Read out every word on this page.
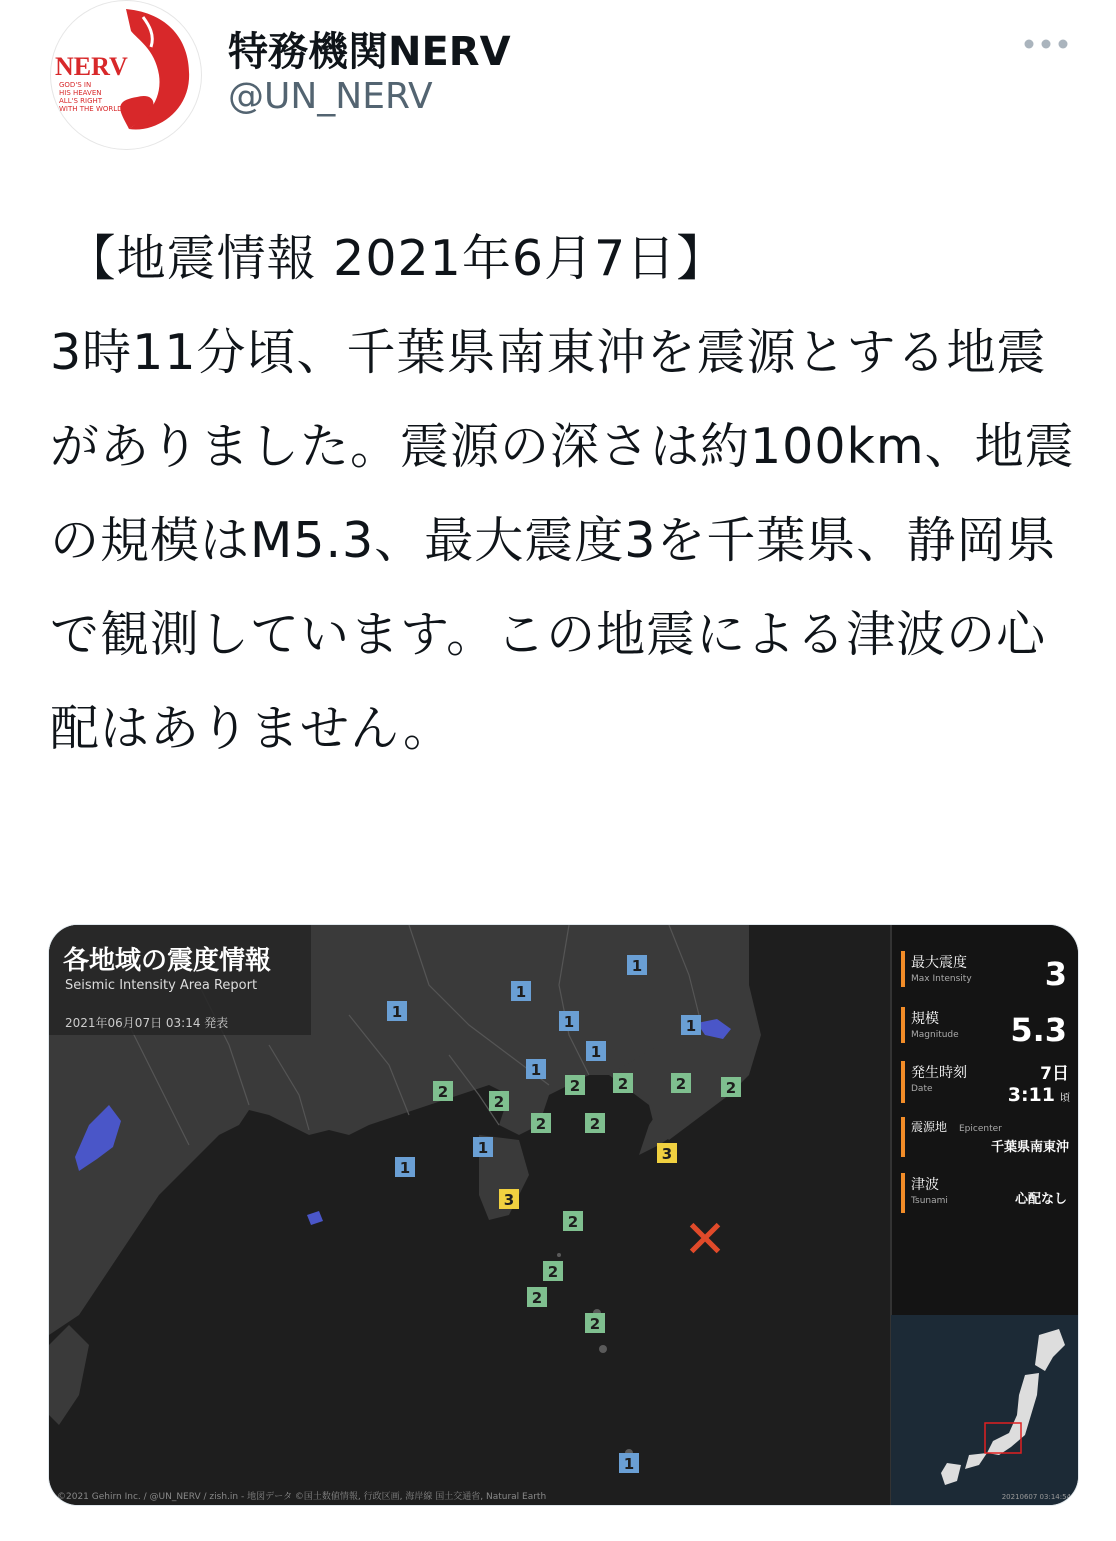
NERV
GOD'S IN
HIS HEAVEN
ALL'S RIGHT
WITH THE WORLD
特務機関NERV
@UN_NERV
【地震情報 2021年6月7日】
3時11分頃、千葉県南東沖を震源とする地震がありました。震源の深さは約100km、地震の規模はM5.3、最大震度3を千葉県、静岡県で観測しています。この地震による津波の心配はありません。
各地域の震度情報
Seismic Intensity Area Report
2021年06月07日 03:14 発表
1
1
1
1	1
1
1
2
2
2	2	2	2
2	2
1
1
3
3
2
2
2
2
1
✕
©2021 Gehirn Inc. / @UN_NERV / zish.in - 地図データ ©国土数値情報, 行政区画, 海岸線 国土交通省, Natural Earth
最大震度
Max Intensity 3
規模
Magnitude 5.3
発生時刻
Date
7日
3:11 頃
震源地 Epicenter
千葉県南東沖
津波
Tsunami	心配なし
20210607 03:14:54
